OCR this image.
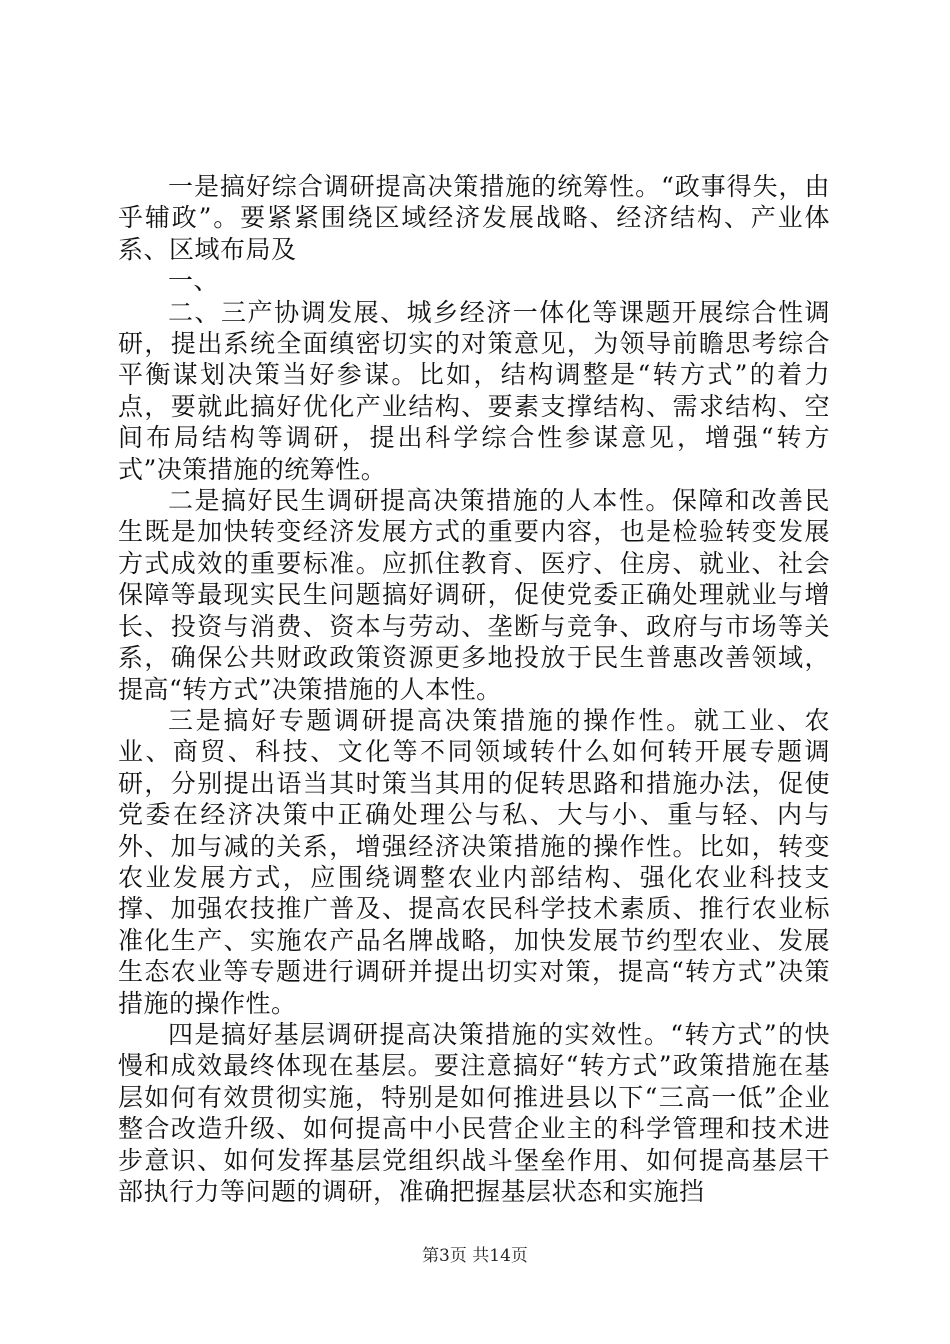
一是搞好综合调研提高决策措施的统筹性。“政事得失，由乎辅政”。要紧紧围绕区域经济发展战略、经济结构、产业体系、区域布局及

一、

二、三产协调发展、城乡经济一体化等课题开展综合性调研，提出系统全面缜密切实的对策意见，为领导前瞻思考综合平衡谋划决策当好参谋。比如，结构调整是“转方式”的着力点，要就此搞好优化产业结构、要素支撑结构、需求结构、空间布局结构等调研，提出科学综合性参谋意见，增强“转方式”决策措施的统筹性。

二是搞好民生调研提高决策措施的人本性。保障和改善民生既是加快转变经济发展方式的重要内容，也是检验转变发展方式成效的重要标准。应抓住教育、医疗、住房、就业、社会保障等最现实民生问题搞好调研，促使党委正确处理就业与增长、投资与消费、资本与劳动、垄断与竞争、政府与市场等关系，确保公共财政政策资源更多地投放于民生普惠改善领域，提高“转方式”决策措施的人本性。

三是搞好专题调研提高决策措施的操作性。就工业、农业、商贸、科技、文化等不同领域转什么如何转开展专题调研，分别提出语当其时策当其用的促转思路和措施办法，促使党委在经济决策中正确处理公与私、大与小、重与轻、内与外、加与减的关系，增强经济决策措施的操作性。比如，转变农业发展方式，应围绕调整农业内部结构、强化农业科技支撑、加强农技推广普及、提高农民科学技术素质、推行农业标准化生产、实施农产品名牌战略，加快发展节约型农业、发展生态农业等专题进行调研并提出切实对策，提高“转方式”决策措施的操作性。

四是搞好基层调研提高决策措施的实效性。“转方式”的快慢和成效最终体现在基层。要注意搞好“转方式”政策措施在基层如何有效贯彻实施，特别是如何推进县以下“三高一低”企业整合改造升级、如何提高中小民营企业主的科学管理和技术进步意识、如何发挥基层党组织战斗堡垒作用、如何提高基层干部执行力等问题的调研，准确把握基层状态和实施挡

第3页 共14页
